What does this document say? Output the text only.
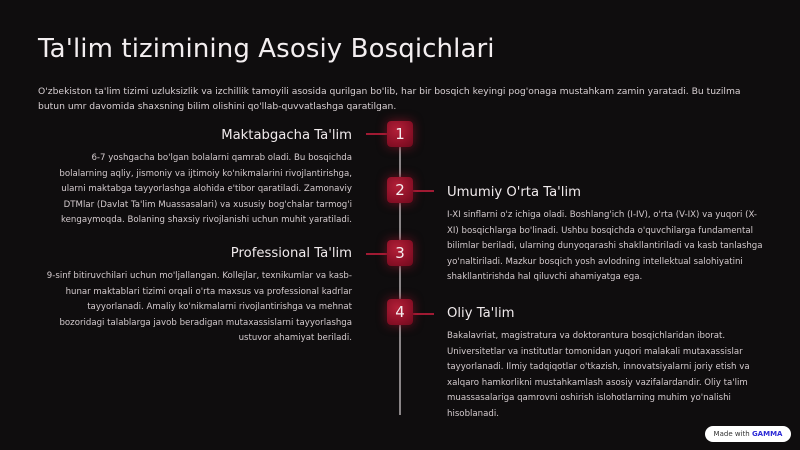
Ta'lim tizimining Asosiy Bosqichlari
O'zbekiston ta'lim tizimi uzluksizlik va izchillik tamoyili asosida qurilgan bo'lib, har bir bosqich keyingi pog'onaga mustahkam zamin yaratadi. Bu tuzilma butun umr davomida shaxsning bilim olishini qo'llab-quvvatlashga qaratilgan.
1
Maktabgacha Ta'lim
6-7 yoshgacha bo'lgan bolalarni qamrab oladi. Bu bosqichda bolalarning aqliy, jismoniy va ijtimoiy ko'nikmalarini rivojlantirishga, ularni maktabga tayyorlashga alohida e'tibor qaratiladi. Zamonaviy DTMlar (Davlat Ta'lim Muassasalari) va xususiy bog'chalar tarmog'i kengaymoqda. Bolaning shaxsiy rivojlanishi uchun muhit yaratiladi.
2	Umumiy O'rta Ta'lim
I-XI sinflarni o'z ichiga oladi. Boshlang'ich (I-IV), o'rta (V-IX) va yuqori (X-XI) bosqichlarga bo'linadi. Ushbu bosqichda o'quvchilarga fundamental bilimlar beriladi, ularning dunyoqarashi shakllantiriladi va kasb tanlashga yo'naltiriladi. Mazkur bosqich yosh avlodning intellektual salohiyatini shakllantirishda hal qiluvchi ahamiyatga ega.
3
Professional Ta'lim
9-sinf bitiruvchilari uchun mo'ljallangan. Kollejlar, texnikumlar va kasb-hunar maktablari tizimi orqali o'rta maxsus va professional kadrlar tayyorlanadi. Amaliy ko'nikmalarni rivojlantirishga va mehnat bozoridagi talablarga javob beradigan mutaxassislarni tayyorlashga ustuvor ahamiyat beriladi.
4	Oliy Ta'lim
Bakalavriat, magistratura va doktorantura bosqichlaridan iborat. Universitetlar va institutlar tomonidan yuqori malakali mutaxassislar tayyorlanadi. Ilmiy tadqiqotlar o'tkazish, innovatsiyalarni joriy etish va xalqaro hamkorlikni mustahkamlash asosiy vazifalardandir. Oliy ta'lim muassasalariga qamrovni oshirish islohotlarning muhim yo'nalishi hisoblanadi.
Made with GAMMA
